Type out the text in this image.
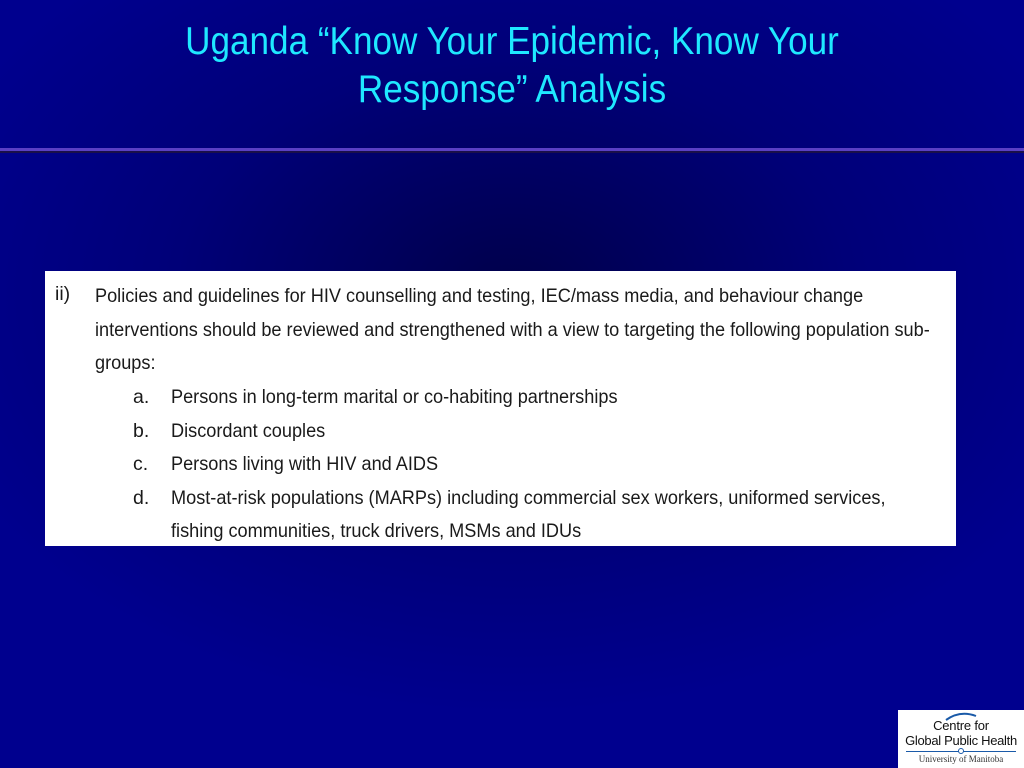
Uganda “Know Your Epidemic, Know Your
Response” Analysis
ii)	Policies and guidelines for HIV counselling and testing, IEC/mass media, and behaviour change interventions should be reviewed and strengthened with a view to targeting the following population sub-groups:
a. Persons in long-term marital or co-habiting partnerships
b. Discordant couples
c. Persons living with HIV and AIDS
d. Most-at-risk populations (MARPs) including commercial sex workers, uniformed services, fishing communities, truck drivers, MSMs and IDUs
Centre for
Global Public Health
University of Manitoba
